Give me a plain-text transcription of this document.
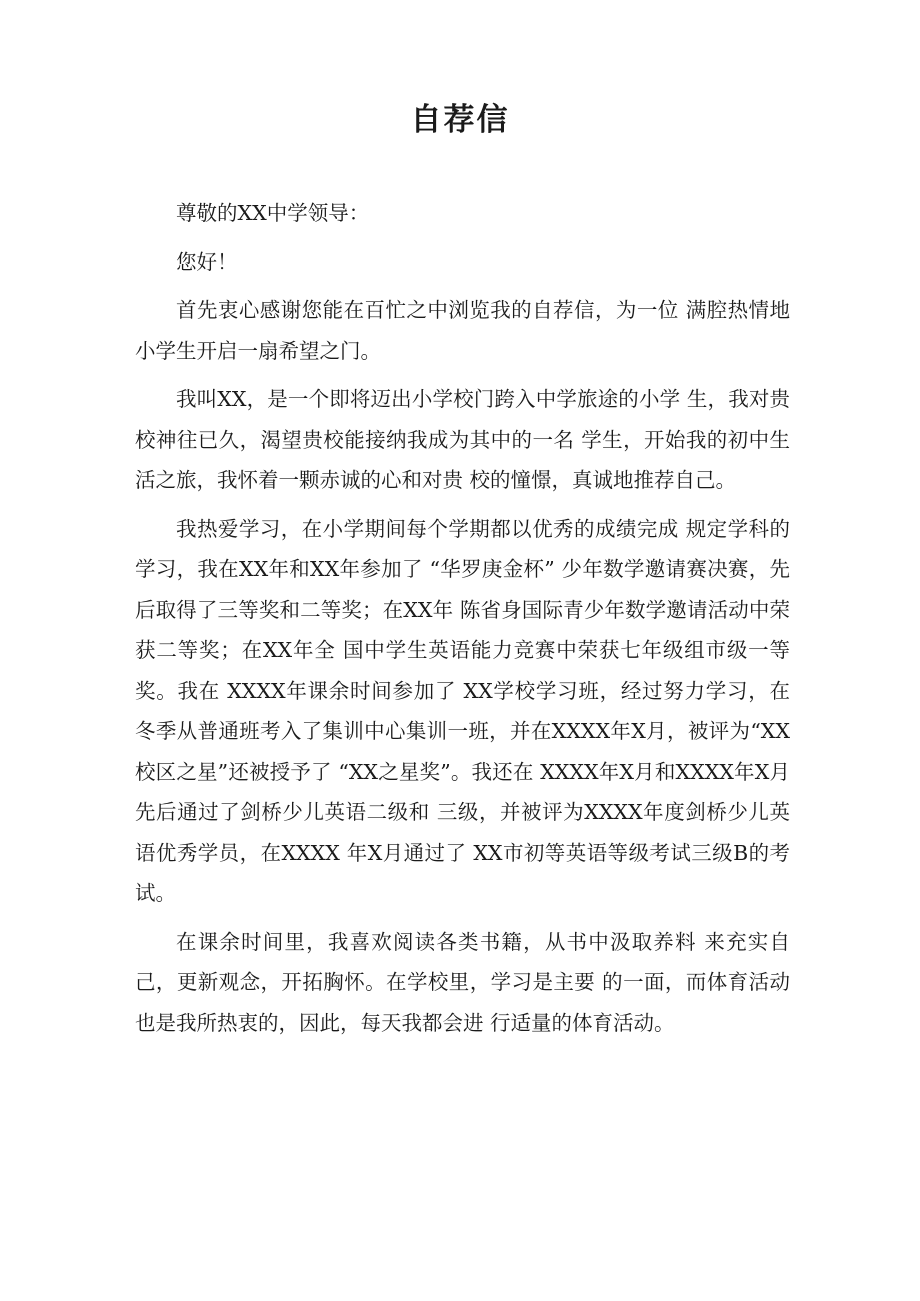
自荐信

尊敬的XX中学领导：

您好！

首先衷心感谢您能在百忙之中浏览我的自荐信，为一位 满腔热情地小学生开启一扇希望之门。

我叫XX，是一个即将迈出小学校门跨入中学旅途的小学 生，我对贵校神往已久，渴望贵校能接纳我成为其中的一名 学生，开始我的初中生活之旅，我怀着一颗赤诚的心和对贵 校的憧憬，真诚地推荐自己。

我热爱学习，在小学期间每个学期都以优秀的成绩完成 规定学科的学习，我在XX年和XX年参加了 “华罗庚金杯” 少年数学邀请赛决赛，先后取得了三等奖和二等奖；在XX年 陈省身国际青少年数学邀请活动中荣获二等奖；在XX年全 国中学生英语能力竞赛中荣获七年级组市级一等奖。我在 XXXX年课余时间参加了 XX学校学习班，经过努力学习，在 冬季从普通班考入了集训中心集训一班，并在XXXX年X月，被评为“XX校区之星”还被授予了 “XX之星奖”。我还在 XXXX年X月和XXXX年X月先后通过了剑桥少儿英语二级和 三级，并被评为XXXX年度剑桥少儿英语优秀学员，在XXXX 年X月通过了 XX市初等英语等级考试三级B的考试。

在课余时间里，我喜欢阅读各类书籍，从书中汲取养料 来充实自己，更新观念，开拓胸怀。在学校里，学习是主要 的一面，而体育活动也是我所热衷的，因此，每天我都会进 行适量的体育活动。
